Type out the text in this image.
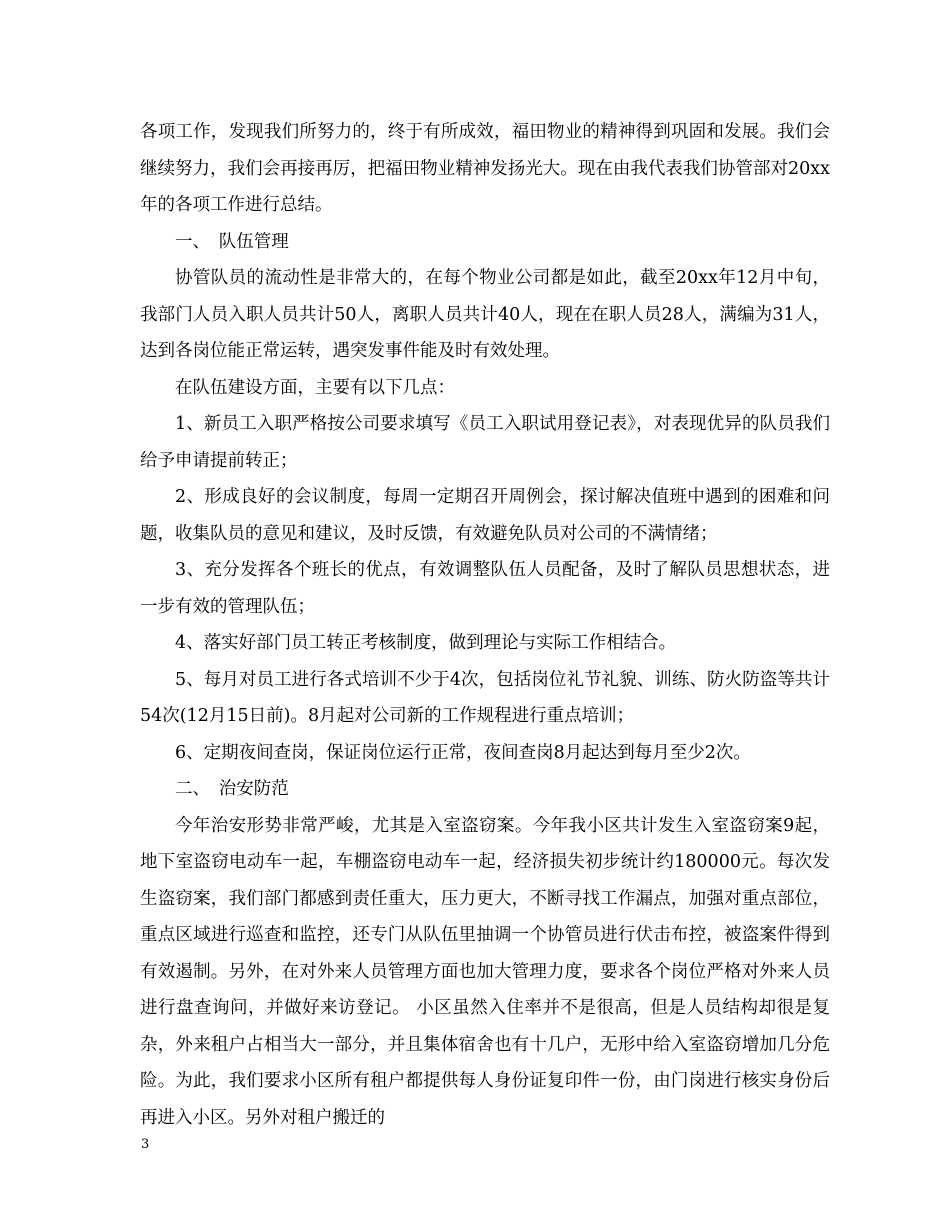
各项工作，发现我们所努力的，终于有所成效，福田物业的精神得到巩固和发展。我们会继续努力，我们会再接再厉，把福田物业精神发扬光大。现在由我代表我们协管部对20xx年的各项工作进行总结。

一、　队伍管理

协管队员的流动性是非常大的，在每个物业公司都是如此，截至20xx年12月中旬，我部门人员入职人员共计50人，离职人员共计40人，现在在职人员28人，满编为31人，达到各岗位能正常运转，遇突发事件能及时有效处理。

在队伍建设方面，主要有以下几点：

1、新员工入职严格按公司要求填写《员工入职试用登记表》，对表现优异的队员我们给予申请提前转正；

2、形成良好的会议制度，每周一定期召开周例会，探讨解决值班中遇到的困难和问题，收集队员的意见和建议，及时反馈，有效避免队员对公司的不满情绪；

3、充分发挥各个班长的优点，有效调整队伍人员配备，及时了解队员思想状态，进一步有效的管理队伍；

4、落实好部门员工转正考核制度，做到理论与实际工作相结合。

5、每月对员工进行各式培训不少于4次，包括岗位礼节礼貌、训练、防火防盗等共计54次(12月15日前)。8月起对公司新的工作规程进行重点培训；

6、定期夜间查岗，保证岗位运行正常，夜间查岗8月起达到每月至少2次。

二、　治安防范

今年治安形势非常严峻，尤其是入室盗窃案。今年我小区共计发生入室盗窃案9起，地下室盗窃电动车一起，车棚盗窃电动车一起，经济损失初步统计约180000元。每次发生盗窃案，我们部门都感到责任重大，压力更大，不断寻找工作漏点，加强对重点部位，重点区域进行巡查和监控，还专门从队伍里抽调一个协管员进行伏击布控，被盗案件得到有效遏制。另外，在对外来人员管理方面也加大管理力度，要求各个岗位严格对外来人员进行盘查询问，并做好来访登记。 小区虽然入住率并不是很高，但是人员结构却很是复杂，外来租户占相当大一部分，并且集体宿舍也有十几户，无形中给入室盗窃增加几分危险。为此，我们要求小区所有租户都提供每人身份证复印件一份，由门岗进行核实身份后再进入小区。另外对租户搬迁的

3
